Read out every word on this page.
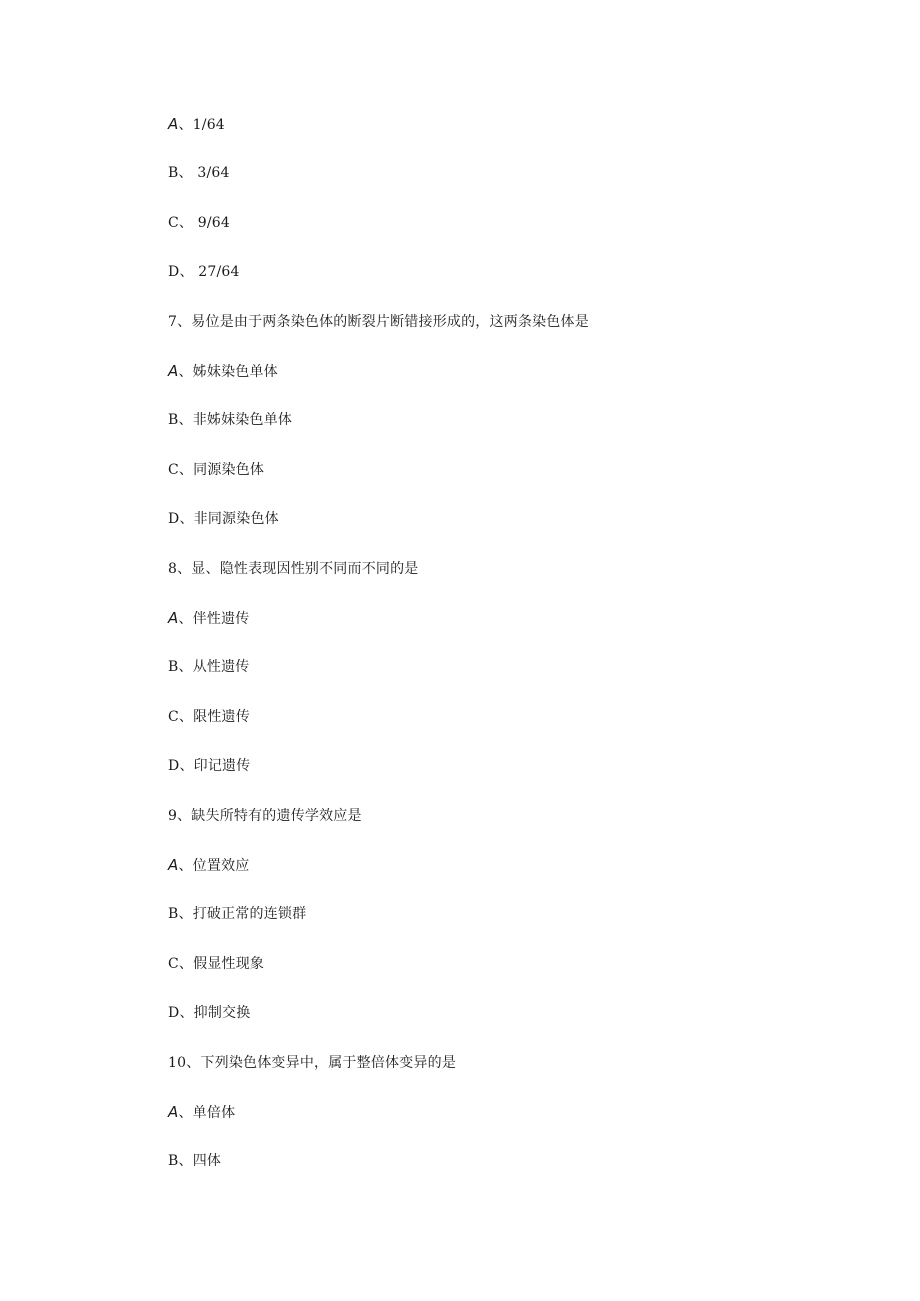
A、1/64
B、 3/64
C、 9/64
D、 27/64
7、易位是由于两条染色体的断裂片断错接形成的，这两条染色体是
A、姊妹染色单体
B、非姊妹染色单体
C、同源染色体
D、非同源染色体
8、显、隐性表现因性别不同而不同的是
A、伴性遗传
B、从性遗传
C、限性遗传
D、印记遗传
9、缺失所特有的遗传学效应是
A、位置效应
B、打破正常的连锁群
C、假显性现象
D、抑制交换
10、下列染色体变异中，属于整倍体变异的是
A、单倍体
B、四体
